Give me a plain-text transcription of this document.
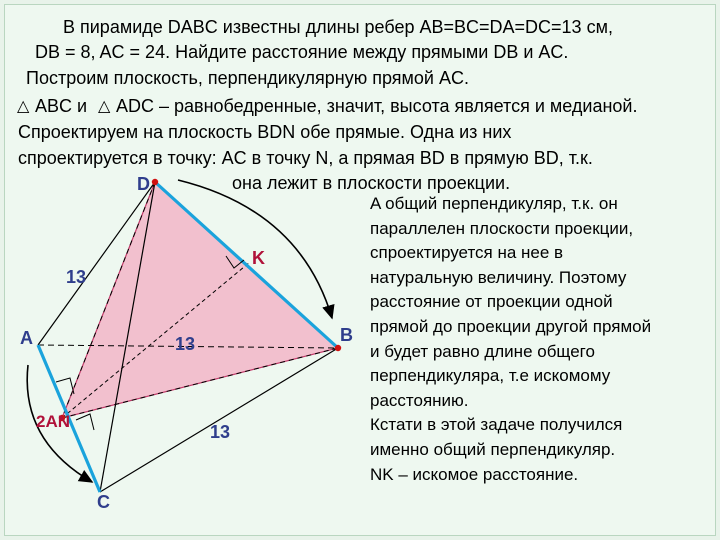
В пирамиде DABC известны длины ребер AB=BC=DA=DC=13 см,
DB = 8, AC = 24. Найдите расстояние между прямыми DB и AC.
Построим плоскость, перпендикулярную прямой AC.
△ ABC и △ ADC – равнобедренные, значит, высота является и медианой.
Спроектируем на плоскость BDN обе прямые. Одна из них
спроектируется в точку: AC в точку N, а прямая BD в прямую BD, т.к.
она лежит в плоскости проекции.
A общий перпендикуляр, т.к. он
параллелен плоскости проекции,
спроектируется на нее в
натуральную величину. Поэтому
расстояние от проекции одной
прямой до проекции другой прямой
и будет равно длине общего
перпендикуляра, т.е искомому
расстоянию.
Кстати в этой задаче получился
именно общий перпендикуляр.
NK – искомое расстояние.
D
A	B
C
K
2AN
13
13
13
